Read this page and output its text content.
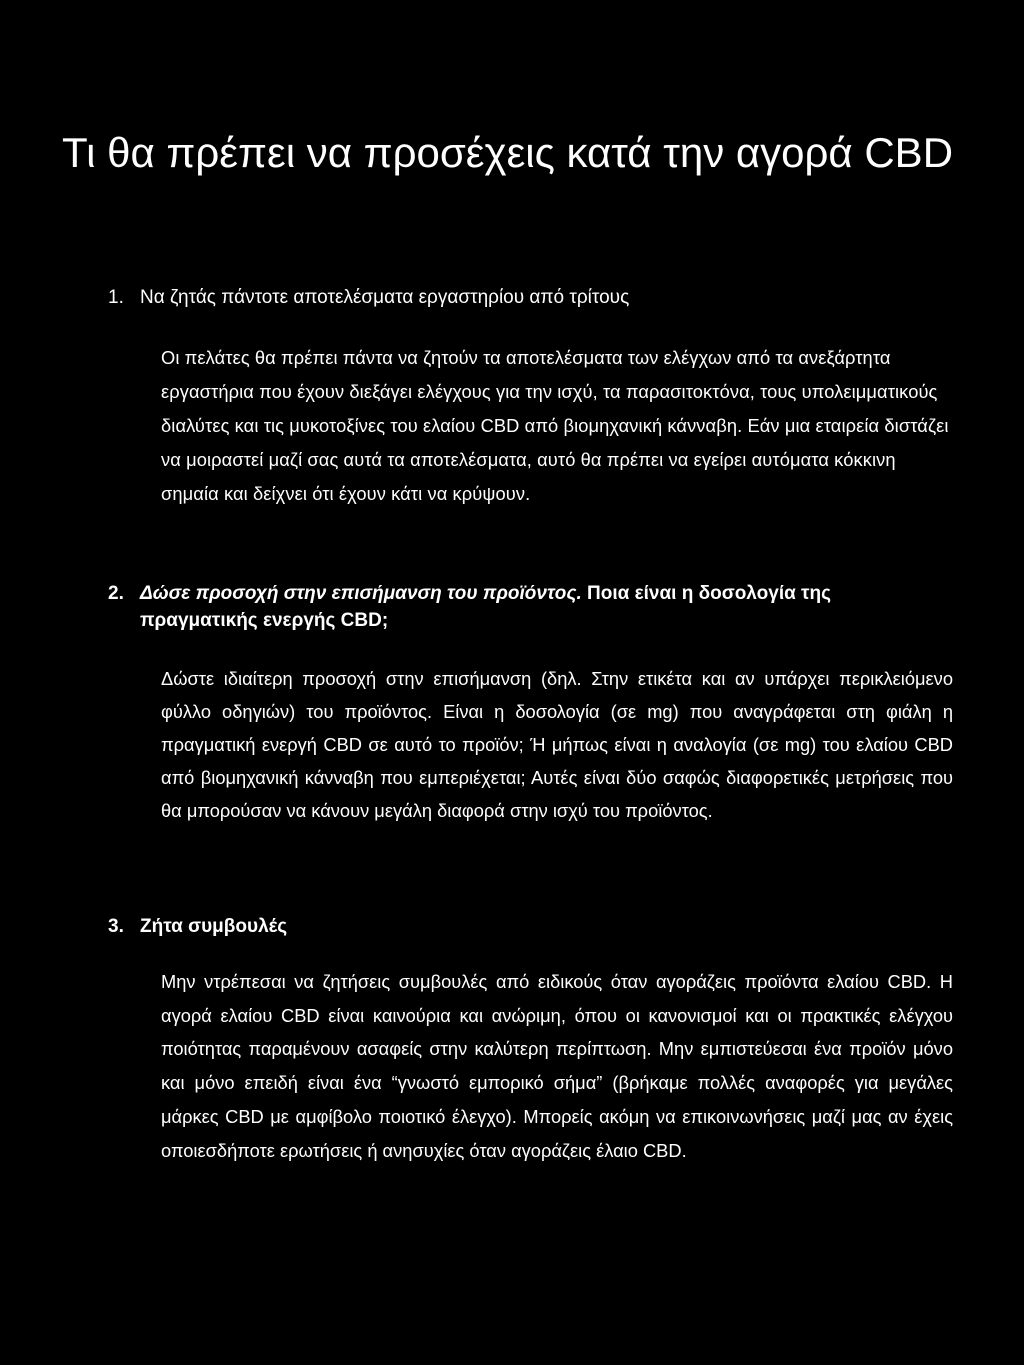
Τι θα πρέπει να προσέχεις κατά την αγορά CBD
1. Να ζητάς πάντοτε αποτελέσματα εργαστηρίου από τρίτους

Οι πελάτες θα πρέπει πάντα να ζητούν τα αποτελέσματα των ελέγχων από τα ανεξάρτητα εργαστήρια που έχουν διεξάγει ελέγχους για την ισχύ, τα παρασιτοκτόνα, τους υπολειμματικούς διαλύτες και τις μυκοτοξίνες του ελαίου CBD από βιομηχανική κάνναβη. Εάν μια εταιρεία διστάζει να μοιραστεί μαζί σας αυτά τα αποτελέσματα, αυτό θα πρέπει να εγείρει αυτόματα κόκκινη σημαία και δείχνει ότι έχουν κάτι να κρύψουν.

2. Δώσε προσοχή στην επισήμανση του προϊόντος. Ποια είναι η δοσολογία της πραγματικής ενεργής CBD;

Δώστε ιδιαίτερη προσοχή στην επισήμανση (δηλ. Στην ετικέτα και αν υπάρχει περικλειόμενο φύλλο οδηγιών) του προϊόντος. Είναι η δοσολογία (σε mg) που αναγράφεται στη φιάλη η πραγματική ενεργή CBD σε αυτό το προϊόν; Ή μήπως είναι η αναλογία (σε mg) του ελαίου CBD από βιομηχανική κάνναβη που εμπεριέχεται; Αυτές είναι δύο σαφώς διαφορετικές μετρήσεις που θα μπορούσαν να κάνουν μεγάλη διαφορά στην ισχύ του προϊόντος.

3. Ζήτα συμβουλές

Μην ντρέπεσαι να ζητήσεις συμβουλές από ειδικούς όταν αγοράζεις προϊόντα ελαίου CBD. Η αγορά ελαίου CBD είναι καινούρια και ανώριμη, όπου οι κανονισμοί και οι πρακτικές ελέγχου ποιότητας παραμένουν ασαφείς στην καλύτερη περίπτωση. Μην εμπιστεύεσαι ένα προϊόν μόνο και μόνο επειδή είναι ένα “γνωστό εμπορικό σήμα” (βρήκαμε πολλές αναφορές για μεγάλες μάρκες CBD με αμφίβολο ποιοτικό έλεγχο). Μπορείς ακόμη να επικοινωνήσεις μαζί μας αν έχεις οποιεσδήποτε ερωτήσεις ή ανησυχίες όταν αγοράζεις έλαιο CBD.
